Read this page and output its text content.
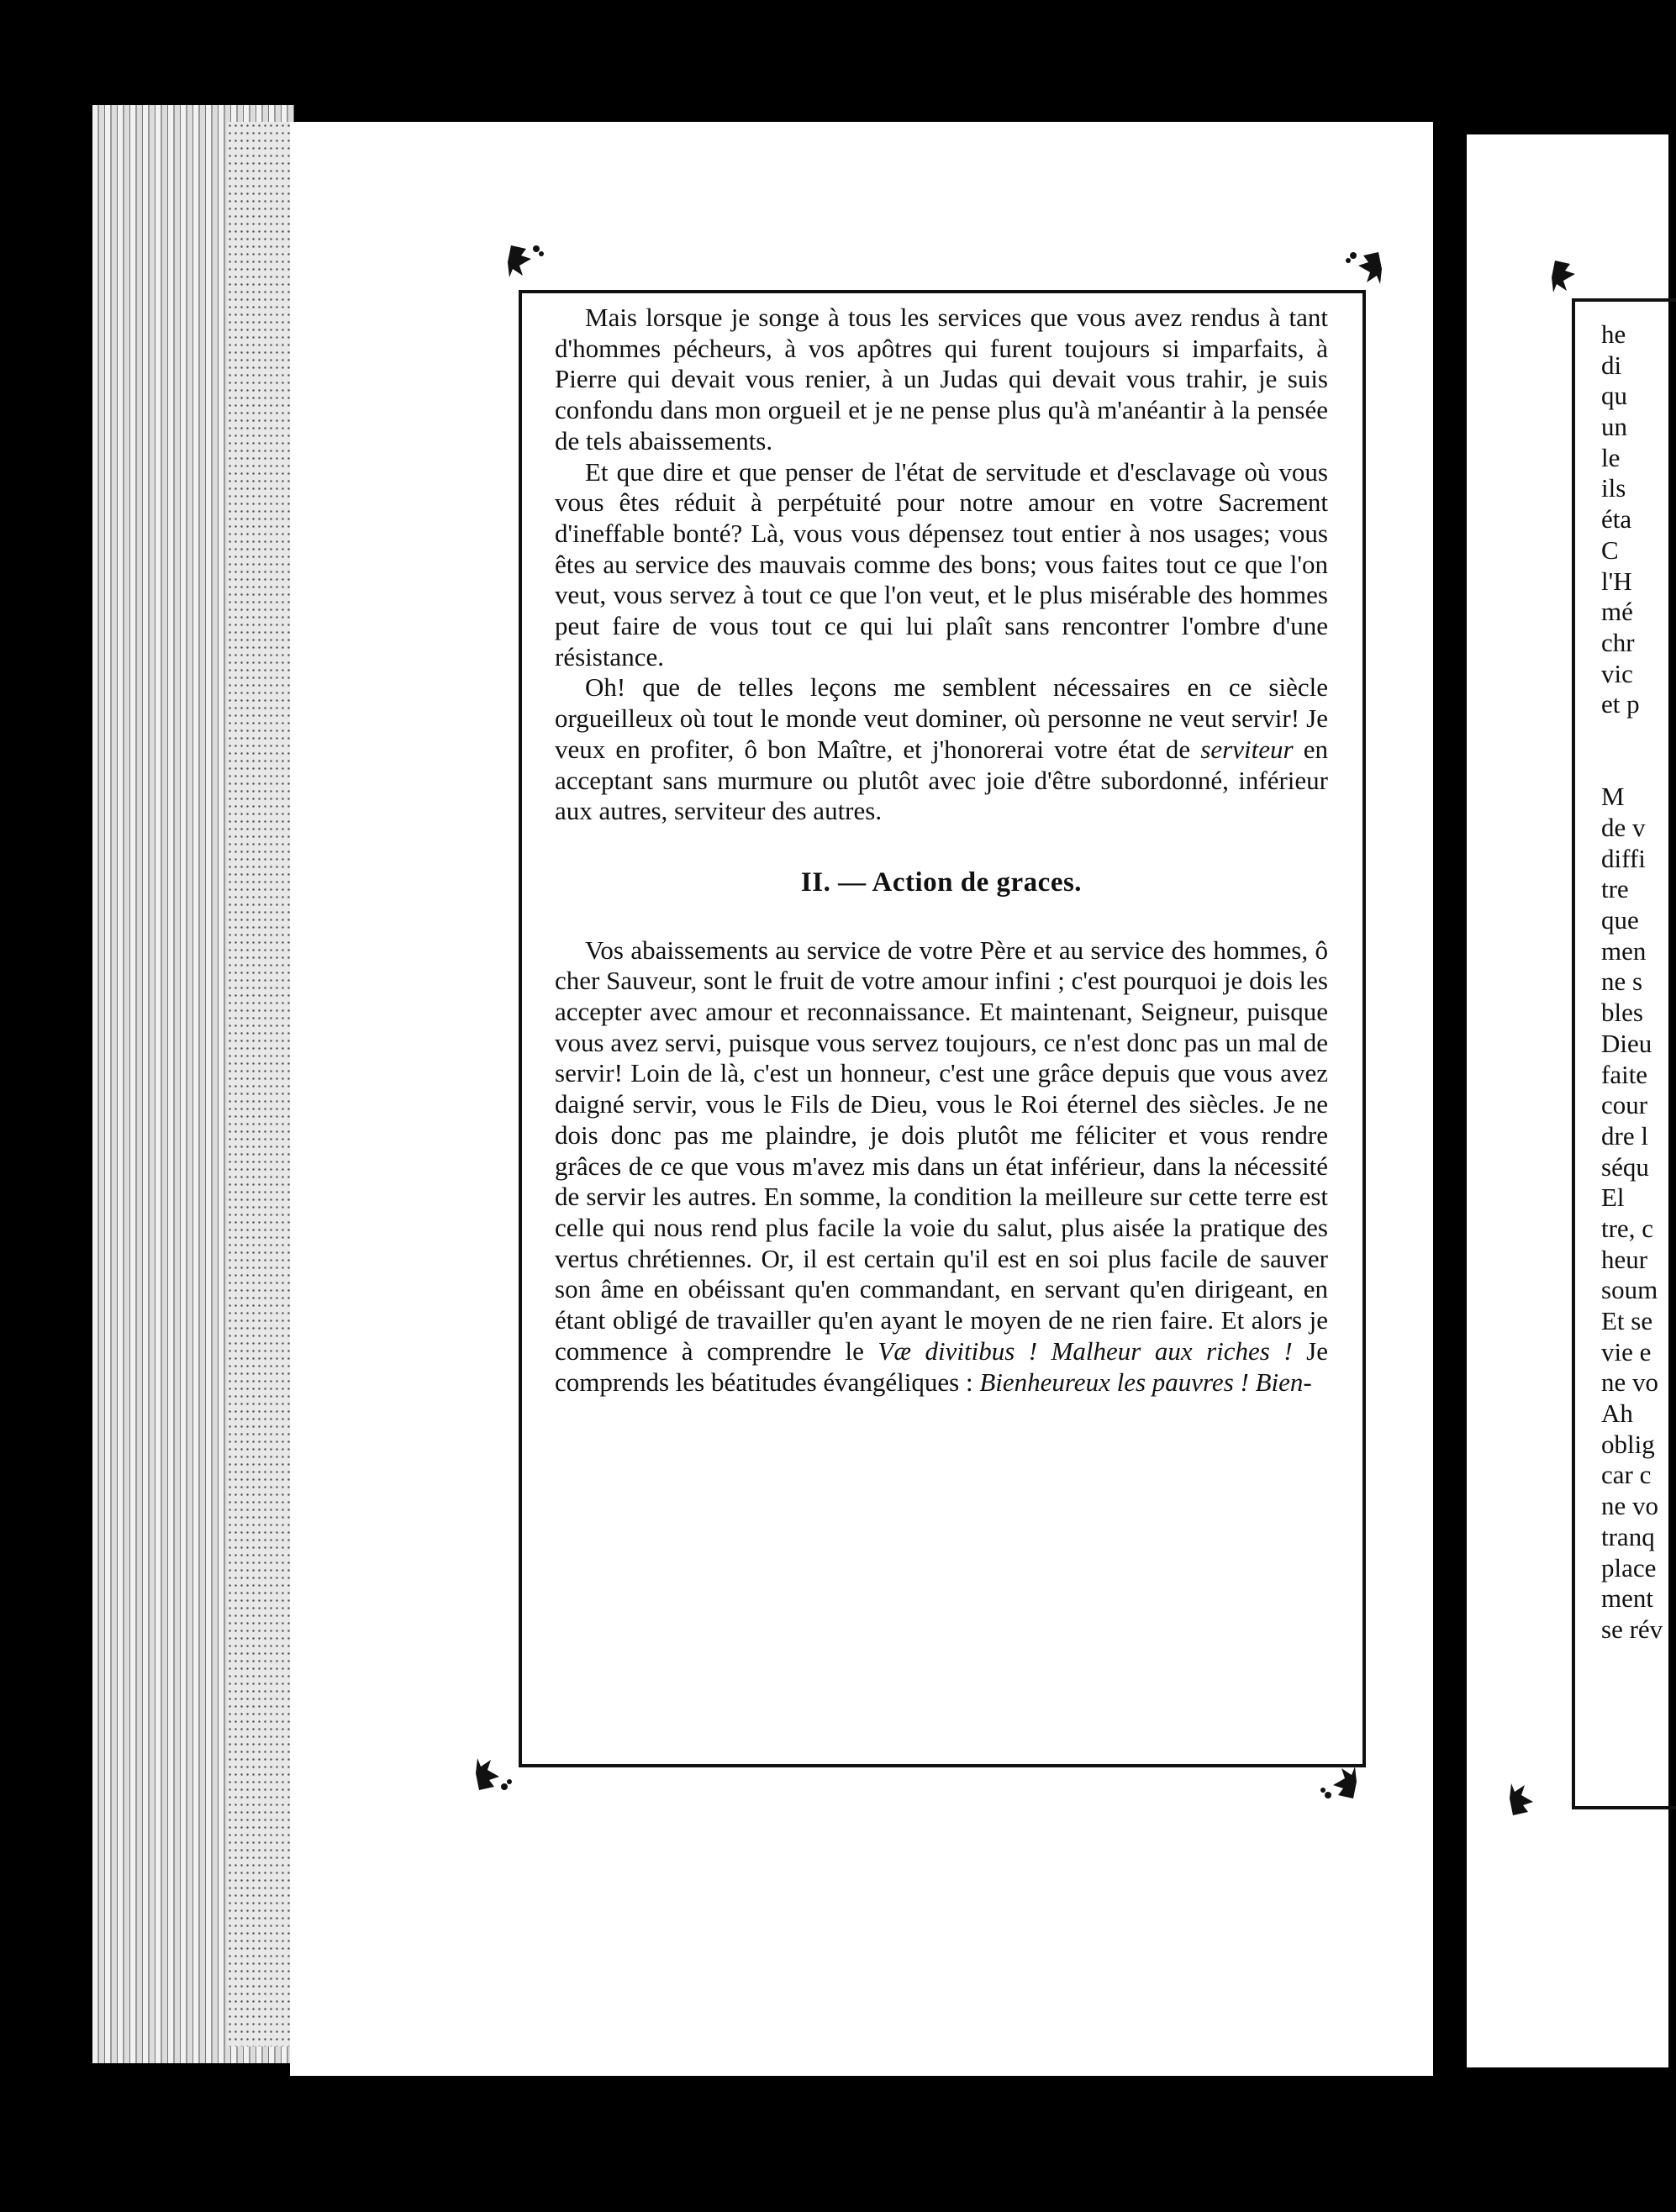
Mais lorsque je songe à tous les services que vous avez rendus à tant d'hommes pécheurs, à vos apôtres qui furent toujours si imparfaits, à Pierre qui devait vous renier, à un Judas qui devait vous trahir, je suis confondu dans mon orgueil et je ne pense plus qu'à m'anéantir à la pensée de tels abaissements.

Et que dire et que penser de l'état de servitude et d'esclavage où vous vous êtes réduit à perpétuité pour notre amour en votre Sacrement d'ineffable bonté? Là, vous vous dépensez tout entier à nos usages; vous êtes au service des mauvais comme des bons; vous faites tout ce que l'on veut, vous servez à tout ce que l'on veut, et le plus misérable des hommes peut faire de vous tout ce qui lui plaît sans rencontrer l'ombre d'une résistance.

Oh! que de telles leçons me semblent nécessaires en ce siècle orgueilleux où tout le monde veut dominer, où personne ne veut servir! Je veux en profiter, ô bon Maître, et j'honorerai votre état de serviteur en acceptant sans murmure ou plutôt avec joie d'être subordonné, inférieur aux autres, serviteur des autres.

II. — Action de graces.

Vos abaissements au service de votre Père et au service des hommes, ô cher Sauveur, sont le fruit de votre amour infini ; c'est pourquoi je dois les accepter avec amour et reconnaissance. Et maintenant, Seigneur, puisque vous avez servi, puisque vous servez toujours, ce n'est donc pas un mal de servir! Loin de là, c'est un honneur, c'est une grâce depuis que vous avez daigné servir, vous le Fils de Dieu, vous le Roi éternel des siècles. Je ne dois donc pas me plaindre, je dois plutôt me féliciter et vous rendre grâces de ce que vous m'avez mis dans un état inférieur, dans la nécessité de servir les autres. En somme, la condition la meilleure sur cette terre est celle qui nous rend plus facile la voie du salut, plus aisée la pratique des vertus chrétiennes. Or, il est certain qu'il est en soi plus facile de sauver son âme en obéissant qu'en commandant, en servant qu'en dirigeant, en étant obligé de travailler qu'en ayant le moyen de ne rien faire. Et alors je commence à comprendre le Væ divitibus ! Malheur aux riches ! Je comprends les béatitudes évangéliques : Bienheureux les pauvres ! Bien-

he
di
qu
un
le
ils
éta
C
l'H
mé
chr
vic
et p
M
de v
diffi
tre
que
men
ne s
bles
Dieu
faite
cour
dre l
séqu
El
tre, c
heur
soum
Et se
vie e
ne vo
Ah
oblig
car c
ne vo
tranq
place
ment
se rév
